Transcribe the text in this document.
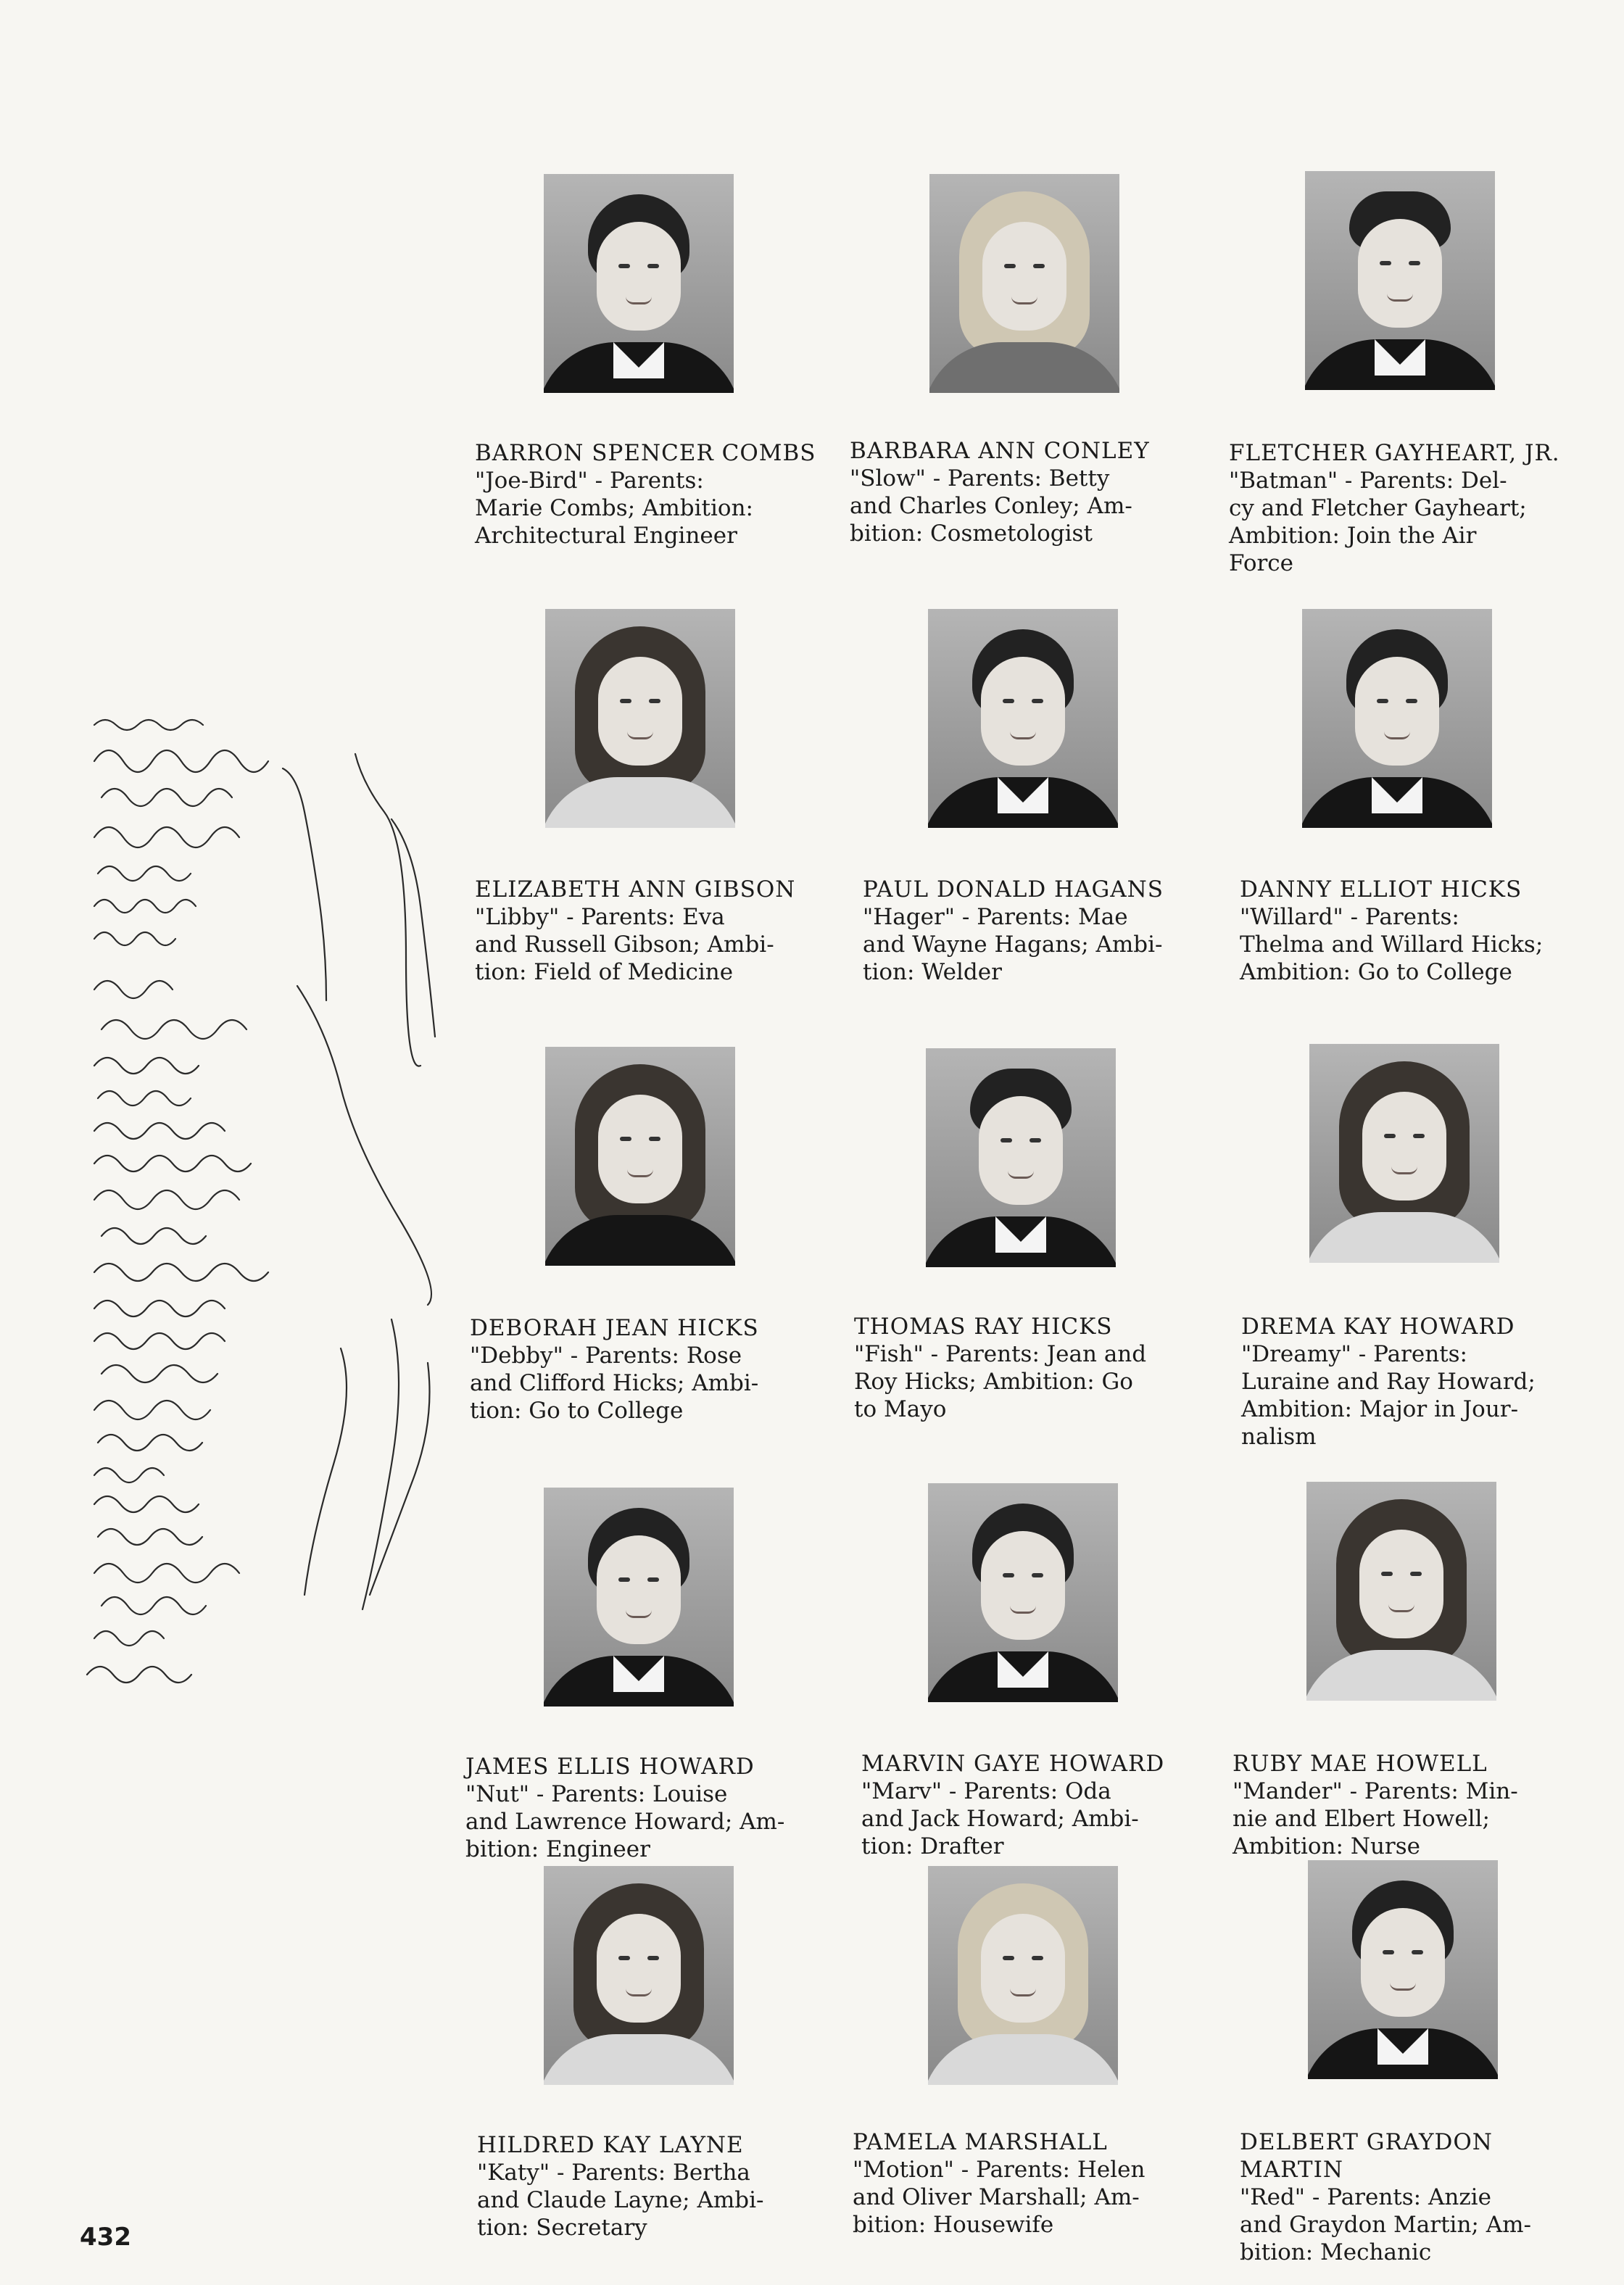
BARRON SPENCER COMBS
"Joe-Bird" - Parents:
Marie Combs; Ambition:
Architectural Engineer

BARBARA ANN CONLEY
"Slow" - Parents: Betty
and Charles Conley; Am-
bition: Cosmetologist

FLETCHER GAYHEART, JR.
"Batman" - Parents: Del-
cy and Fletcher Gayheart;
Ambition: Join the Air
Force

ELIZABETH ANN GIBSON
"Libby" - Parents: Eva
and Russell Gibson; Ambi-
tion: Field of Medicine

PAUL DONALD HAGANS
"Hager" - Parents: Mae
and Wayne Hagans; Ambi-
tion: Welder

DANNY ELLIOT HICKS
"Willard" - Parents:
Thelma and Willard Hicks;
Ambition: Go to College

DEBORAH JEAN HICKS
"Debby" - Parents: Rose
and Clifford Hicks; Ambi-
tion: Go to College

THOMAS RAY HICKS
"Fish" - Parents: Jean and
Roy Hicks; Ambition: Go
to Mayo

DREMA KAY HOWARD
"Dreamy" - Parents:
Luraine and Ray Howard;
Ambition: Major in Jour-
nalism

JAMES ELLIS HOWARD
"Nut" - Parents: Louise
and Lawrence Howard; Am-
bition: Engineer

MARVIN GAYE HOWARD
"Marv" - Parents: Oda
and Jack Howard; Ambi-
tion: Drafter

RUBY MAE HOWELL
"Mander" - Parents: Min-
nie and Elbert Howell;
Ambition: Nurse

HILDRED KAY LAYNE
"Katy" - Parents: Bertha
and Claude Layne; Ambi-
tion: Secretary

PAMELA MARSHALL
"Motion" - Parents: Helen
and Oliver Marshall; Am-
bition: Housewife

DELBERT GRAYDON
MARTIN
"Red" - Parents: Anzie
and Graydon Martin; Am-
bition: Mechanic

432
